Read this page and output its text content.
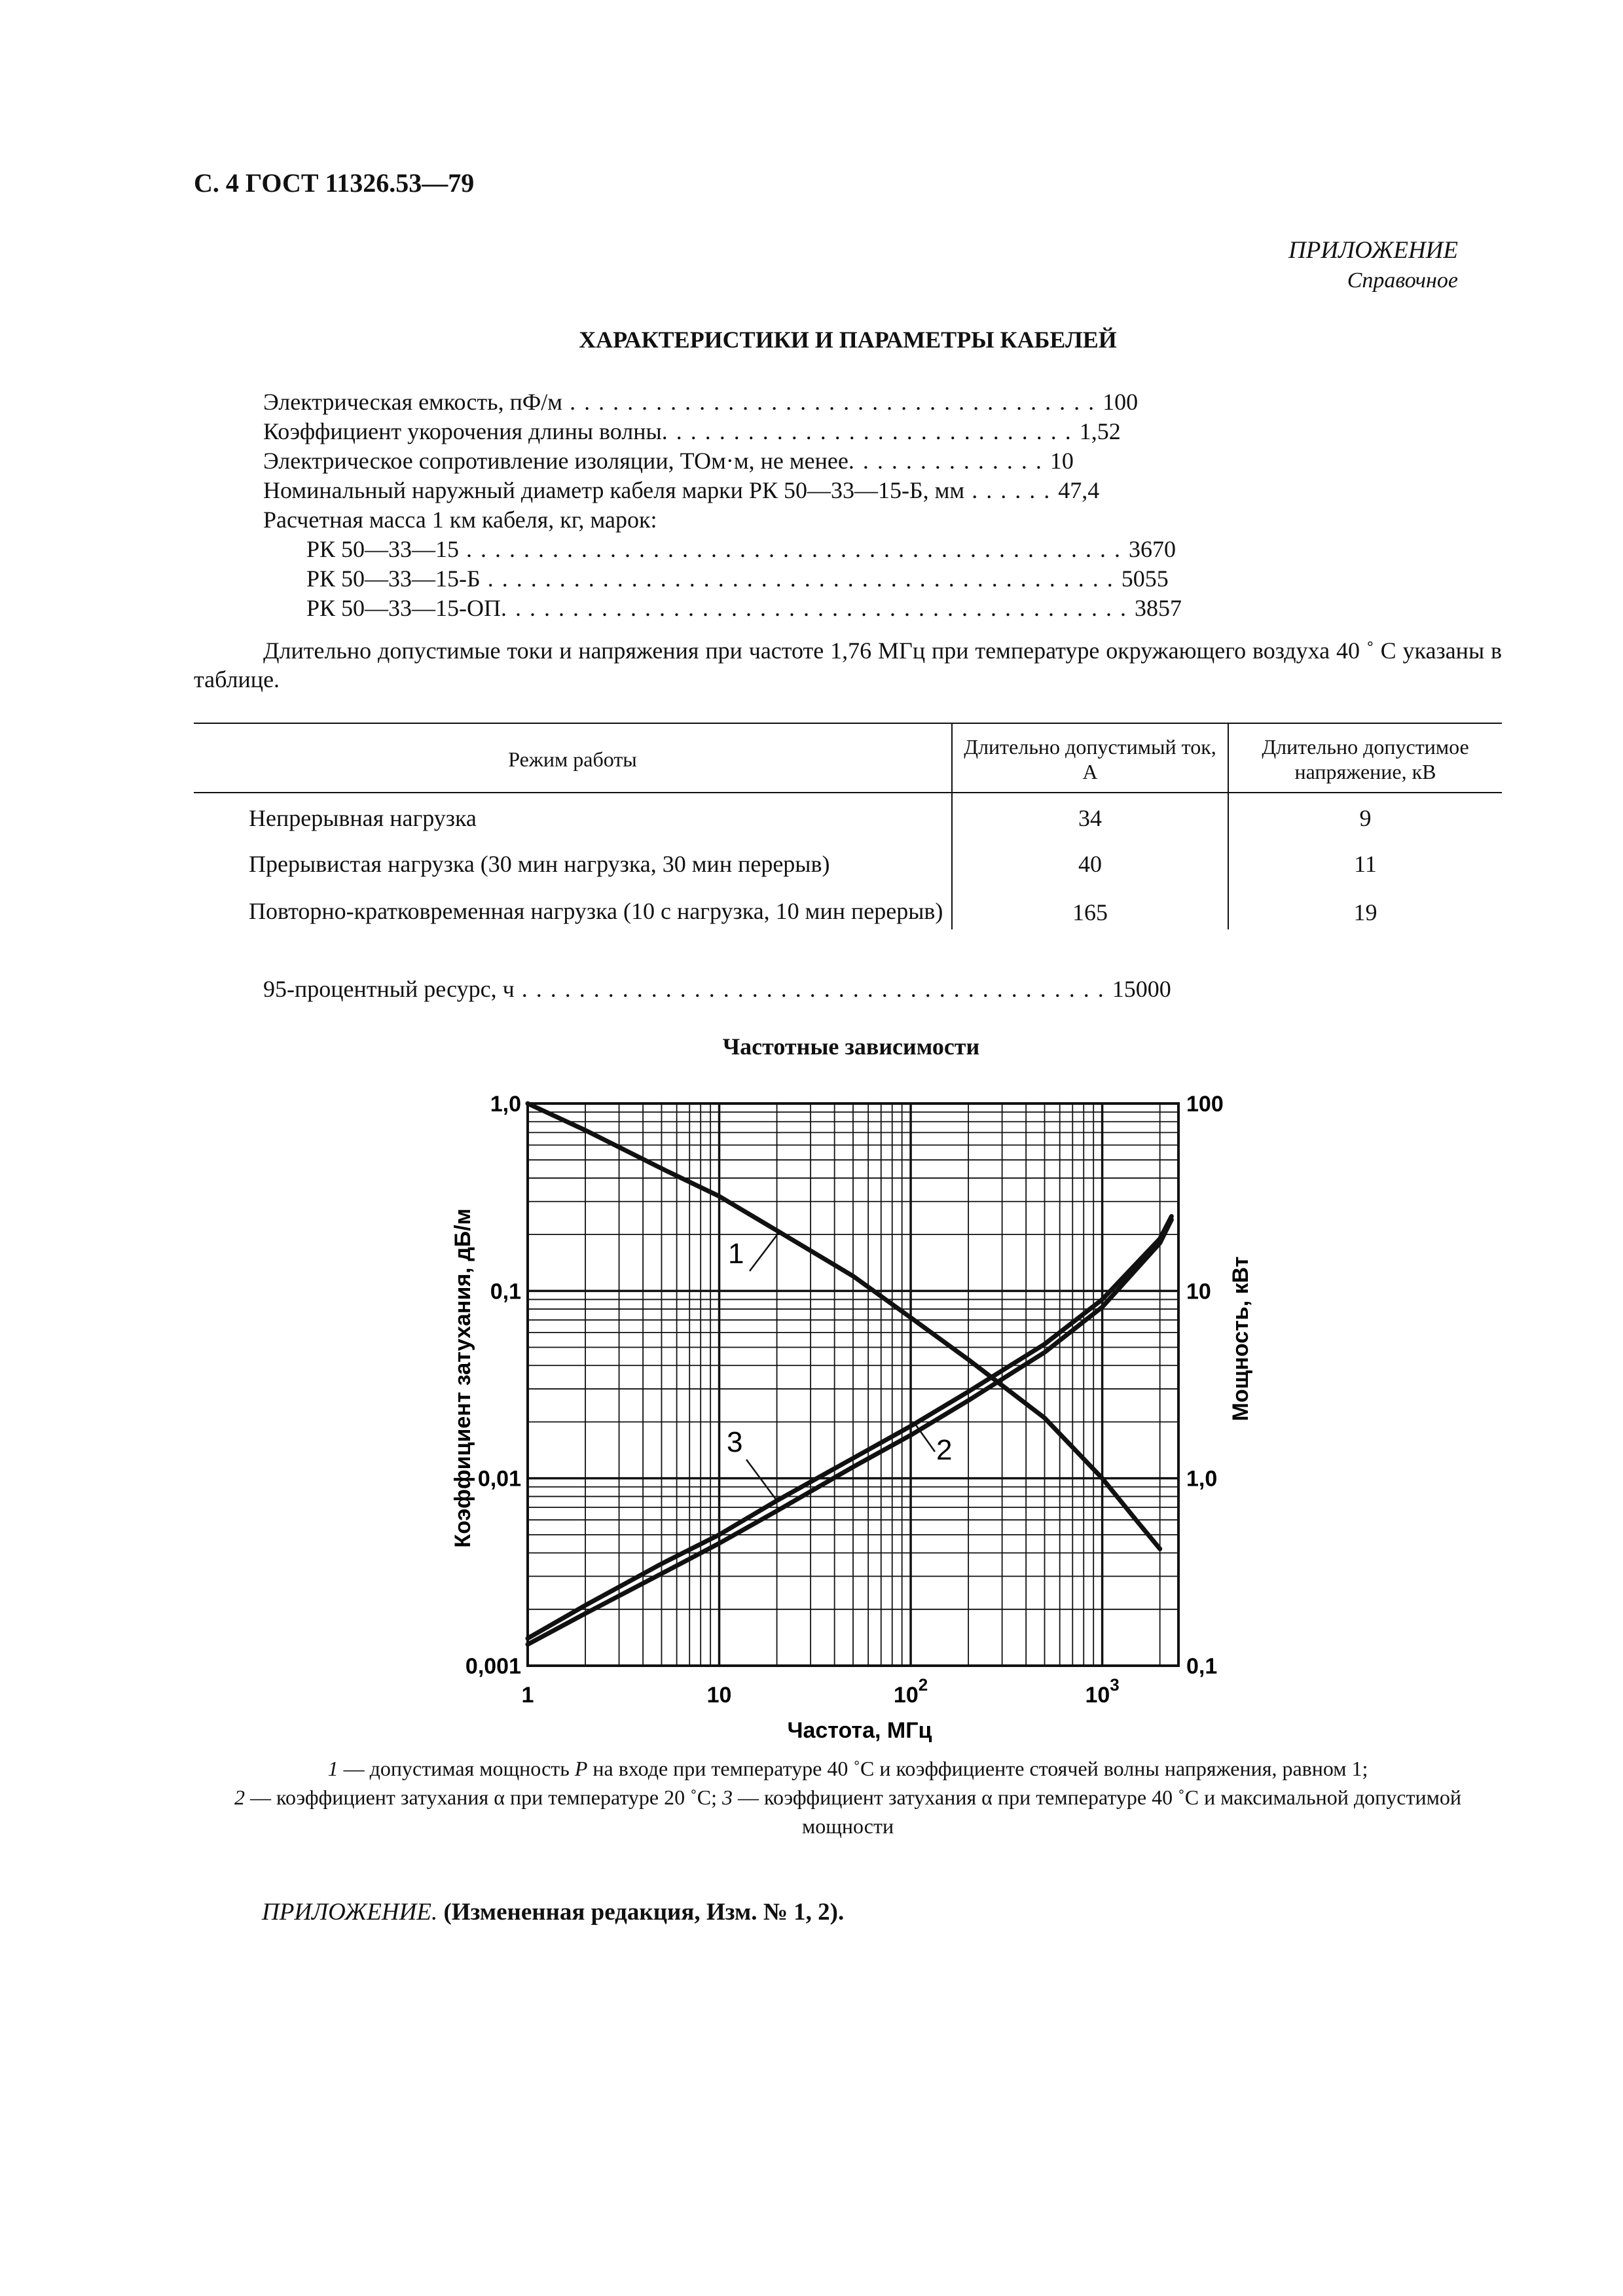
С. 4 ГОСТ 11326.53—79
ПРИЛОЖЕНИЕ
Справочное
ХАРАКТЕРИСТИКИ И ПАРАМЕТРЫ КАБЕЛЕЙ
Электрическая емкость, пФ/м . . . . . . . . . . . . . . . . . . . . . . . . . . . . . . . . . . . . . 100
Коэффициент укорочения длины волны. . . . . . . . . . . . . . . . . . . . . . . . . . . . . 1,52
Электрическое сопротивление изоляции, ТОм·м, не менее. . . . . . . . . . . . . . 10
Номинальный наружный диаметр кабеля марки РК 50—33—15-Б, мм . . . . . . 47,4
Расчетная масса 1 км кабеля, кг, марок:
РК 50—33—15 . . . . . . . . . . . . . . . . . . . . . . . . . . . . . . . . . . . . . . . . . . . . . . 3670
РК 50—33—15-Б . . . . . . . . . . . . . . . . . . . . . . . . . . . . . . . . . . . . . . . . . . . . 5055
РК 50—33—15-ОП. . . . . . . . . . . . . . . . . . . . . . . . . . . . . . . . . . . . . . . . . . . . 3857
Длительно допустимые токи и напряжения при частоте 1,76 МГц при температуре окружающего воздуха 40 ˚ С указаны в таблице.
Режим работы	Длительно допустимый ток, А	Длительно допустимое напряжение, кВ
Непрерывная нагрузка	34	9
Прерывистая нагрузка (30 мин нагрузка, 30 мин перерыв)	40	11
Повторно-кратковременная нагрузка (10 с нагрузка, 10 мин перерыв)	165	19
95-процентный ресурс, ч . . . . . . . . . . . . . . . . . . . . . . . . . . . . . . . . . . . . . . . . . 15000
Частотные зависимости
1	10	$10^2$	$10^3$
0,001
0,01
0,1
1,0
0,1
1,0
10
100
Частота, МГц
Коэффициент затухания, дБ/м	Мощность, кВт
1
2
3
1 — допустимая мощность Р на входе при температуре 40 ˚С и коэффициенте стоячей волны напряжения, равном 1;
2 — коэффициент затухания α при температуре 20 ˚С; 3 — коэффициент затухания α при температуре 40 ˚С и максимальной допустимой мощности
ПРИЛОЖЕНИЕ. (Измененная редакция, Изм. № 1, 2).
